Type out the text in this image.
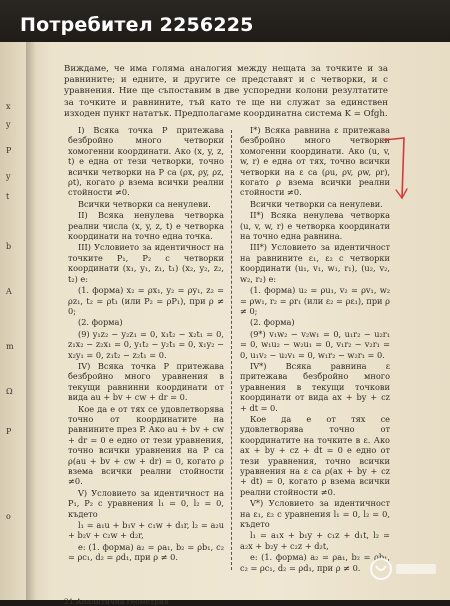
Потребител 2256225
x
y
P
y
t
b
A
m
Ω
P
o
Виждаме, че има голяма аналогия между нещата за точките и за равнините; и едните, и другите се представят и с четворки, и с уравнения. Ние ще съпоставим в две успоредни колони резултатите за точките и равнините, тъй като те ще ни служат за единствен изходен пункт нататък. Предполагаме координатна система K = Ofgh.

I) Всяка точка P притежава безбройно много четворки хомогенни координати. Ако (x, y, z, t) е една от тези четворки, точно всички четворки на P са (ρx, ρy, ρz, ρt), когато ρ взема всички реални стойности ≠0.

Всички четворки са ненулеви.

II) Всяка ненулева четворка реални числа (x, y, z, t) е четворка координати на точно една точка.

III) Условието за идентичност на точките P₁, P₂ с четворки координати (x₁, y₁, z₁, t₁) (x₂, y₂, z₂, t₂) е:

(1. форма) x₂ = ρx₁, y₂ = ρy₁, z₂ = ρz₁, t₂ = ρt₁ (или P₂ = ρP₁), при ρ ≠ 0;

(2. форма)

(9) y₁z₂ − y₂z₁ = 0, x₁t₂ − x₂t₁ = 0, z₁x₂ − z₂x₁ = 0, y₁t₂ − y₂t₁ = 0, x₁y₂ − x₂y₁ = 0, z₁t₂ − z₂t₁ = 0.

IV) Всяка точка P притежава безбройно много уравнения в текущи равнинни координати от вида au + bv + cw + dr = 0.

Кое да е от тях се удовлетворява точно от координатите на равнините през P. Ако au + bv + cw + dr = 0 е едно от тези уравнения, точно всички уравнения на P са ρ(au + bv + cw + dr) = 0, когато ρ взема всички реални стойности ≠0.

V) Условието за идентичност на P₁, P₂ с уравнения l₁ = 0, l₂ = 0, където

l₁ = a₁u + b₁v + c₁w + d₁r, l₂ = a₂u + b₂v + c₂w + d₂r,

е: (1. форма) a₂ = ρa₁, b₂ = ρb₁, c₂ = ρc₁, d₂ = ρd₁, при ρ ≠ 0.

I*) Всяка равнина ε притежава безбройно много четворки хомогенни координати. Ако (u, v, w, r) е една от тях, точно всички четворки на ε са (ρu, ρv, ρw, ρr), когато ρ взема всички реални стойности ≠0.

Всички четворки са ненулеви.

II*) Всяка ненулева четворка (u, v, w, r) е четворка координати на точно една равнина.

III*) Условието за идентичност на равнините ε₁, ε₂ с четворки координати (u₁, v₁, w₁, r₁), (u₂, v₂, w₂, r₂) е:

(1. форма) u₂ = ρu₁, v₂ = ρv₁, w₂ = ρw₁, r₂ = ρr₁ (или ε₂ = ρε₁), при ρ ≠ 0;

(2. форма)

(9*) v₁w₂ − v₂w₁ = 0, u₁r₂ − u₂r₁ = 0, w₁u₂ − w₂u₁ = 0, v₁r₂ − v₂r₁ = 0, u₁v₂ − u₂v₁ = 0, w₁r₂ − w₂r₁ = 0.

IV*) Всяка равнина ε притежава безбройно много уравнения в текущи точкови координати от вида ax + by + cz + dt = 0.

Кое да е от тях се удовлетворява точно от координатите на точките в ε. Ако ax + by + cz + dt = 0 е едно от тези уравнения, точно всички уравнения на ε са ρ(ax + by + cz + dt) = 0, когато ρ взема всички реални стойности ≠0.

V*) Условието за идентичност на ε₁, ε₂ с уравнения l₁ = 0, l₂ = 0, където

l₁ = a₁x + b₁y + c₁z + d₁t, l₂ = a₂x + b₂y + c₂z + d₂t,

е: (1. форма) a₂ = ρa₁, b₂ = ρb₁, c₂ = ρc₁, d₂ = ρd₁, при ρ ≠ 0.

21 Аналитична геометрия
